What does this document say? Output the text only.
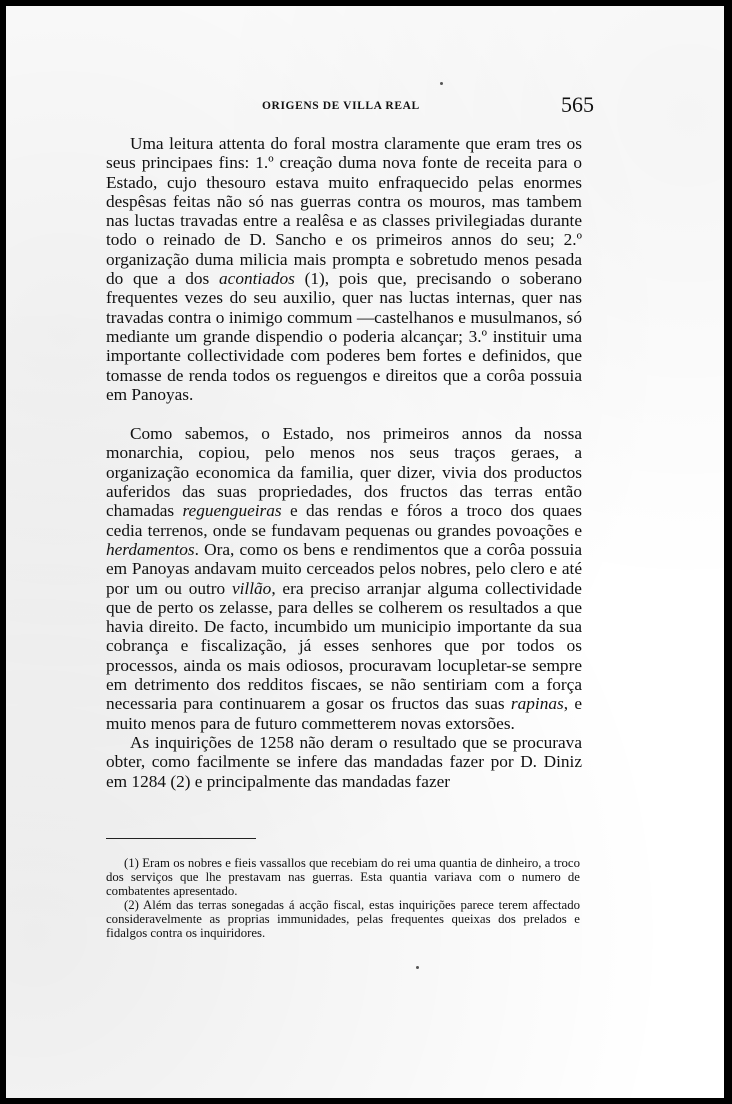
ORIGENS DE VILLA REAL	565

Uma leitura attenta do foral mostra claramente que eram tres os seus principaes fins: 1.º creação duma nova fonte de receita para o Estado, cujo thesouro estava muito enfraquecido pelas enormes despêsas feitas não só nas guerras contra os mouros, mas tambem nas luctas travadas entre a realêsa e as classes privilegiadas durante todo o reinado de D. Sancho e os primeiros annos do seu; 2.º organização duma milicia mais prompta e sobretudo menos pesada do que a dos acontiados (1), pois que, precisando o soberano frequentes vezes do seu auxilio, quer nas luctas internas, quer nas travadas contra o inimigo commum —castelhanos e musulmanos, só mediante um grande dispendio o poderia alcançar; 3.º instituir uma importante collectividade com poderes bem fortes e definidos, que tomasse de renda todos os reguengos e direitos que a corôa possuia em Panoyas.

Como sabemos, o Estado, nos primeiros annos da nossa monarchia, copiou, pelo menos nos seus traços geraes, a organização economica da familia, quer dizer, vivia dos productos auferidos das suas propriedades, dos fructos das terras então chamadas reguengueiras e das rendas e fóros a troco dos quaes cedia terrenos, onde se fundavam pequenas ou grandes povoações e herdamentos. Ora, como os bens e rendimentos que a corôa possuia em Panoyas andavam muito cerceados pelos nobres, pelo clero e até por um ou outro villão, era preciso arranjar alguma collectividade que de perto os zelasse, para delles se colherem os resultados a que havia direito. De facto, incumbido um municipio importante da sua cobrança e fiscalização, já esses senhores que por todos os processos, ainda os mais odiosos, procuravam locupletar-se sempre em detrimento dos redditos fiscaes, se não sentiriam com a força necessaria para continuarem a gosar os fructos das suas rapinas, e muito menos para de futuro commetterem novas extorsões.

As inquirições de 1258 não deram o resultado que se procurava obter, como facilmente se infere das mandadas fazer por D. Diniz em 1284 (2) e principalmente das mandadas fazer

(1) Eram os nobres e fieis vassallos que recebiam do rei uma quantia de dinheiro, a troco dos serviços que lhe prestavam nas guerras. Esta quantia variava com o numero de combatentes apresentado.

(2) Além das terras sonegadas á acção fiscal, estas inquirições parece terem affectado consideravelmente as proprias immunidades, pelas frequentes queixas dos prelados e fidalgos contra os inquiridores.
